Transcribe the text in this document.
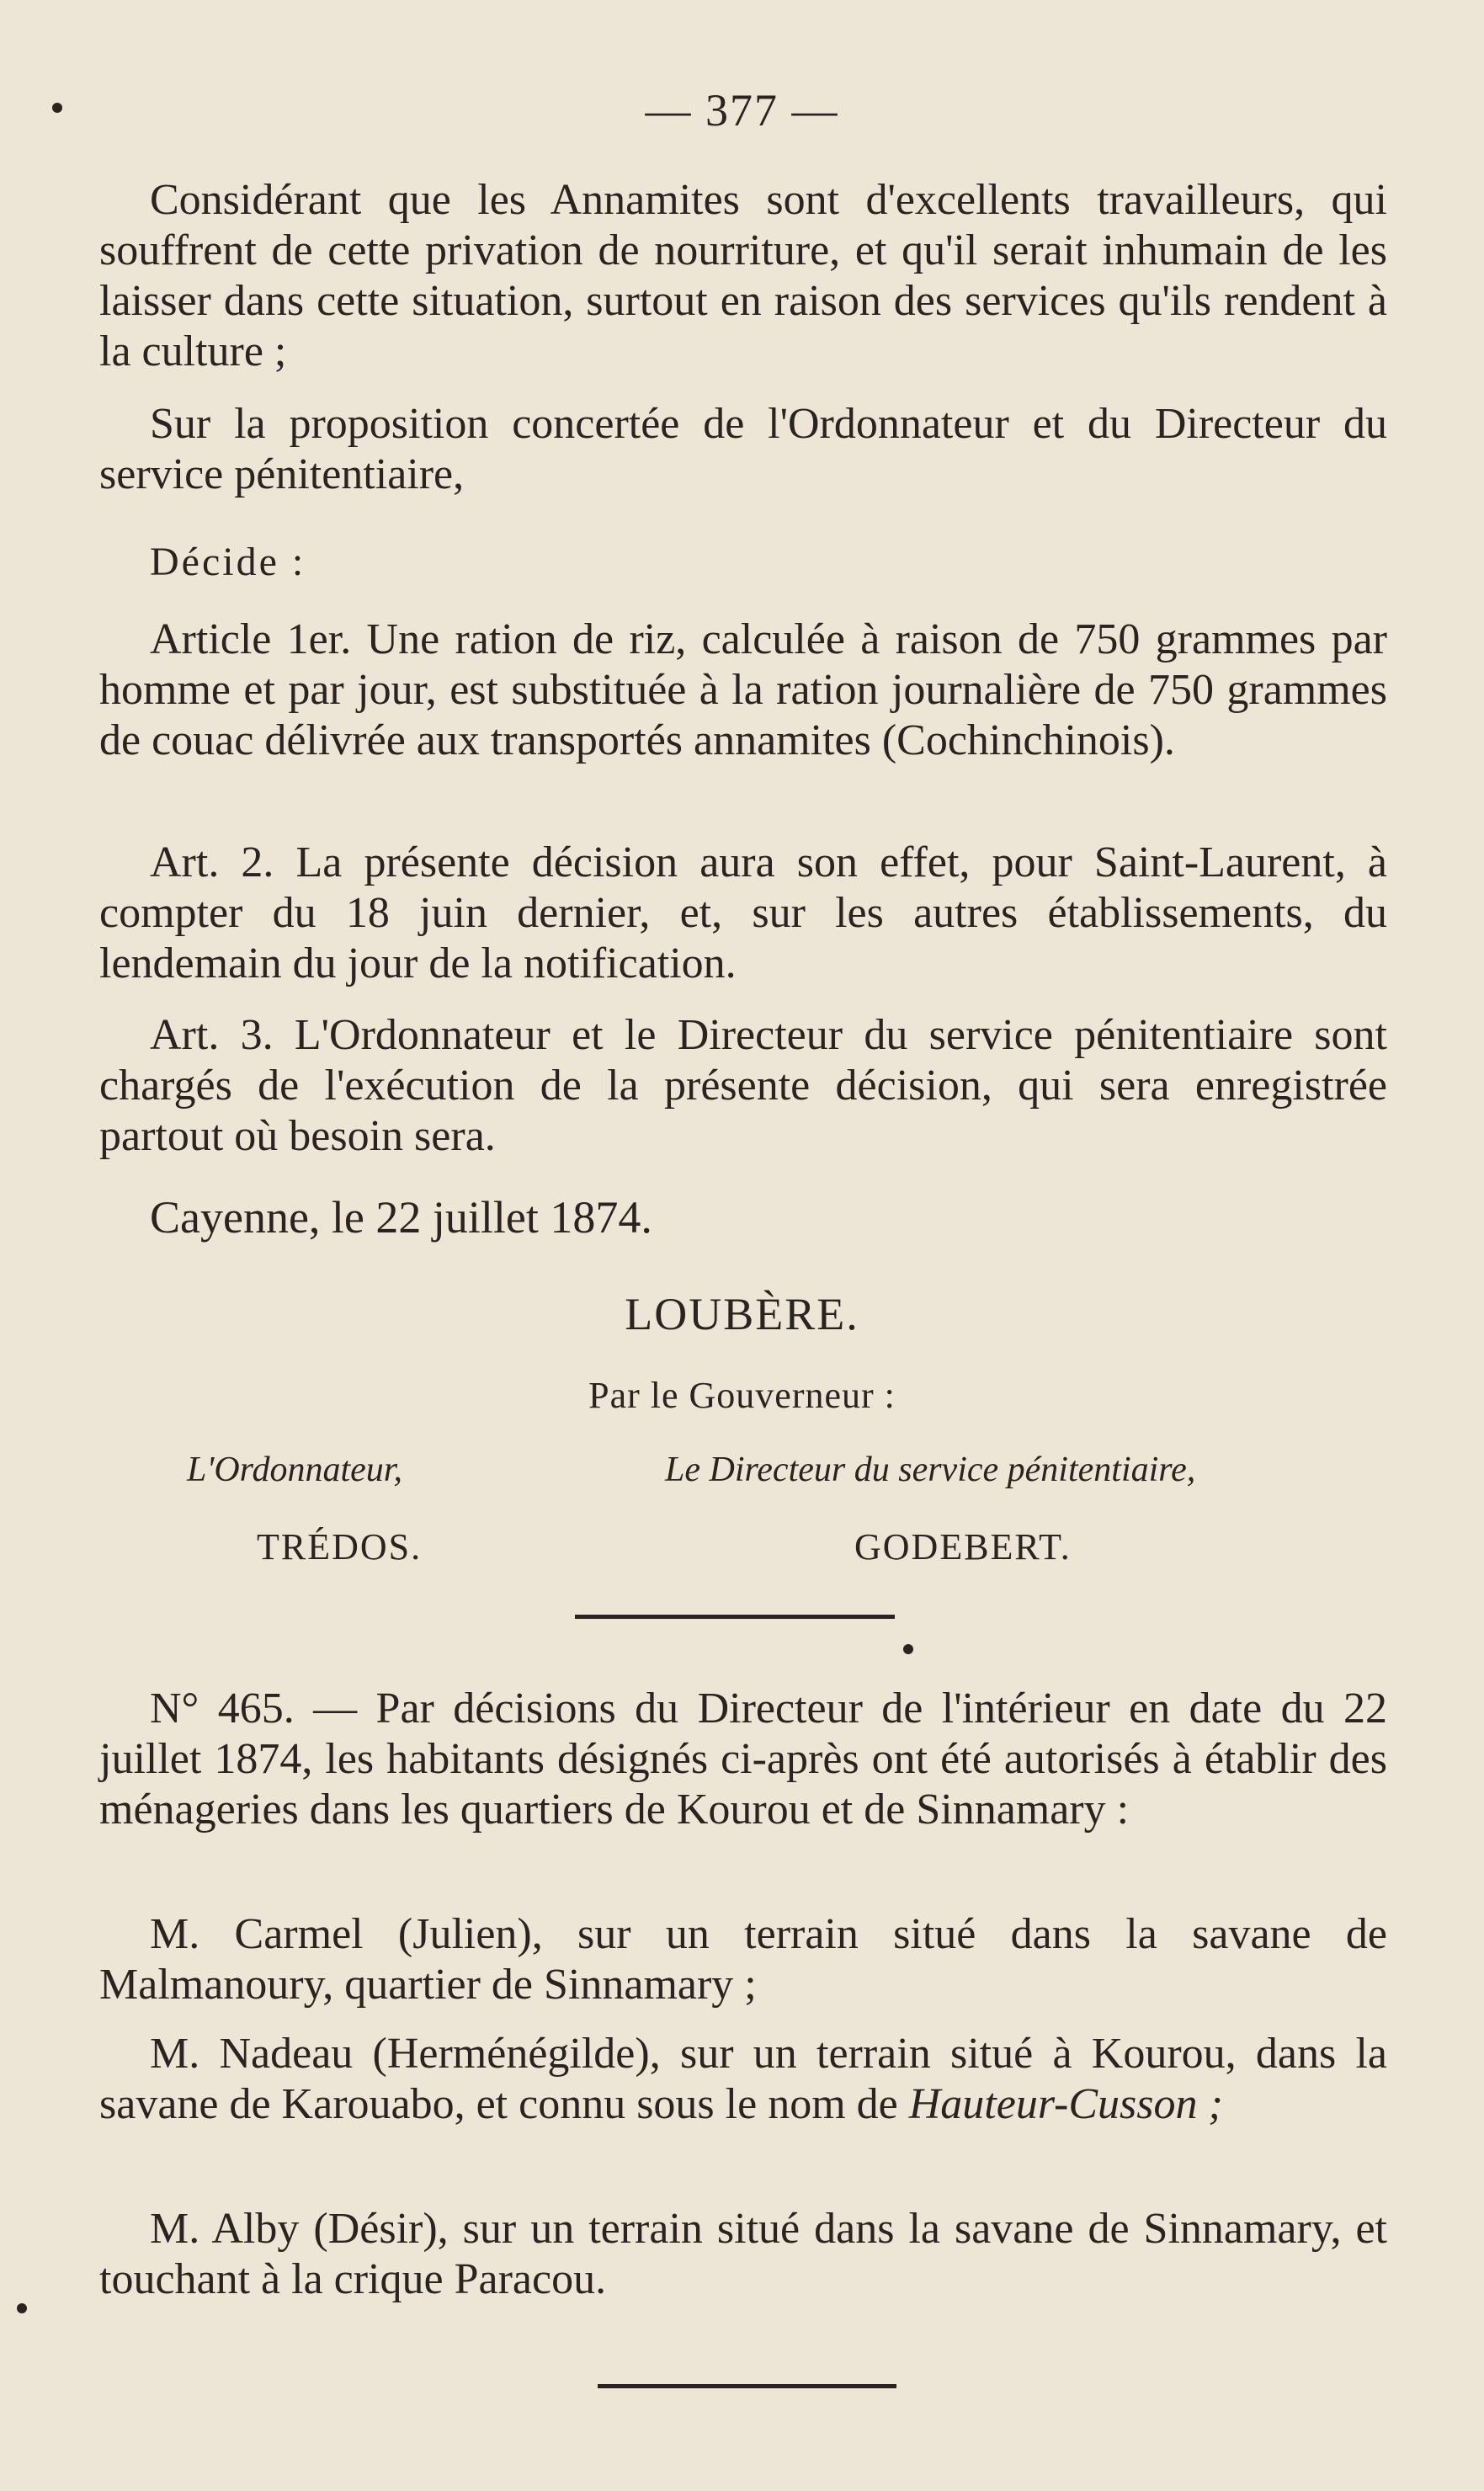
— 377 —

Considérant que les Annamites sont d'excellents travailleurs, qui souffrent de cette privation de nourriture, et qu'il serait inhumain de les laisser dans cette situation, surtout en raison des services qu'ils rendent à la culture ;

Sur la proposition concertée de l'Ordonnateur et du Directeur du service pénitentiaire,

Décide :

Article 1er. Une ration de riz, calculée à raison de 750 grammes par homme et par jour, est substituée à la ration journalière de 750 grammes de couac délivrée aux transportés annamites (Cochinchinois).

Art. 2. La présente décision aura son effet, pour Saint-Laurent, à compter du 18 juin dernier, et, sur les autres établissements, du lendemain du jour de la notification.

Art. 3. L'Ordonnateur et le Directeur du service pénitentiaire sont chargés de l'exécution de la présente décision, qui sera enregistrée partout où besoin sera.

Cayenne, le 22 juillet 1874.
LOUBÈRE.
Par le Gouverneur :
L'Ordonnateur,	Le Directeur du service pénitentiaire,
TRÉDOS.	GODEBERT.

N° 465. — Par décisions du Directeur de l'intérieur en date du 22 juillet 1874, les habitants désignés ci-après ont été autorisés à établir des ménageries dans les quartiers de Kourou et de Sinnamary :

M. Carmel (Julien), sur un terrain situé dans la savane de Malmanoury, quartier de Sinnamary ;

M. Nadeau (Herménégilde), sur un terrain situé à Kourou, dans la savane de Karouabo, et connu sous le nom de Hauteur-Cusson ;

M. Alby (Désir), sur un terrain situé dans la savane de Sinnamary, et touchant à la crique Paracou.
